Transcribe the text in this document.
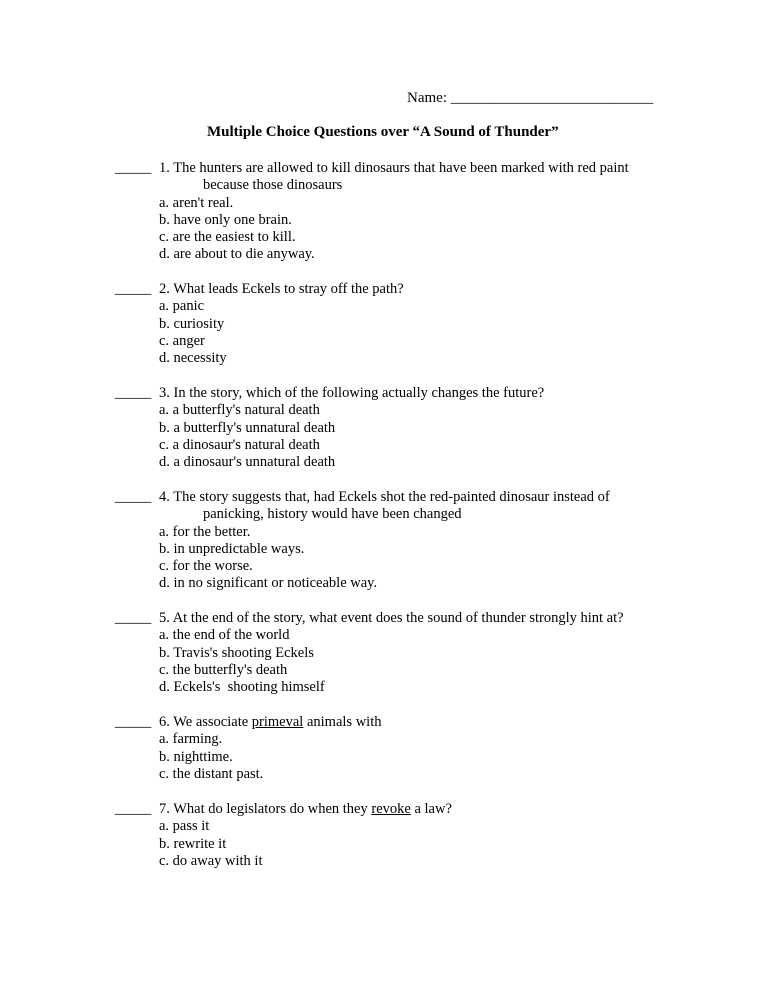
Name: ___________________________
Multiple Choice Questions over “A Sound of Thunder”
_____ 1. The hunters are allowed to kill dinosaurs that have been marked with red paint
because those dinosaurs
a. aren't real.
b. have only one brain.
c. are the easiest to kill.
d. are about to die anyway.
_____ 2. What leads Eckels to stray off the path?
a. panic
b. curiosity
c. anger
d. necessity
_____ 3. In the story, which of the following actually changes the future?
a. a butterfly's natural death
b. a butterfly's unnatural death
c. a dinosaur's natural death
d. a dinosaur's unnatural death
_____ 4. The story suggests that, had Eckels shot the red-painted dinosaur instead of
panicking, history would have been changed
a. for the better.
b. in unpredictable ways.
c. for the worse.
d. in no significant or noticeable way.
_____ 5. At the end of the story, what event does the sound of thunder strongly hint at?
a. the end of the world
b. Travis's shooting Eckels
c. the butterfly's death
d. Eckels's  shooting himself
_____ 6. We associate primeval animals with
a. farming.
b. nighttime.
c. the distant past.
_____ 7. What do legislators do when they revoke a law?
a. pass it
b. rewrite it
c. do away with it
